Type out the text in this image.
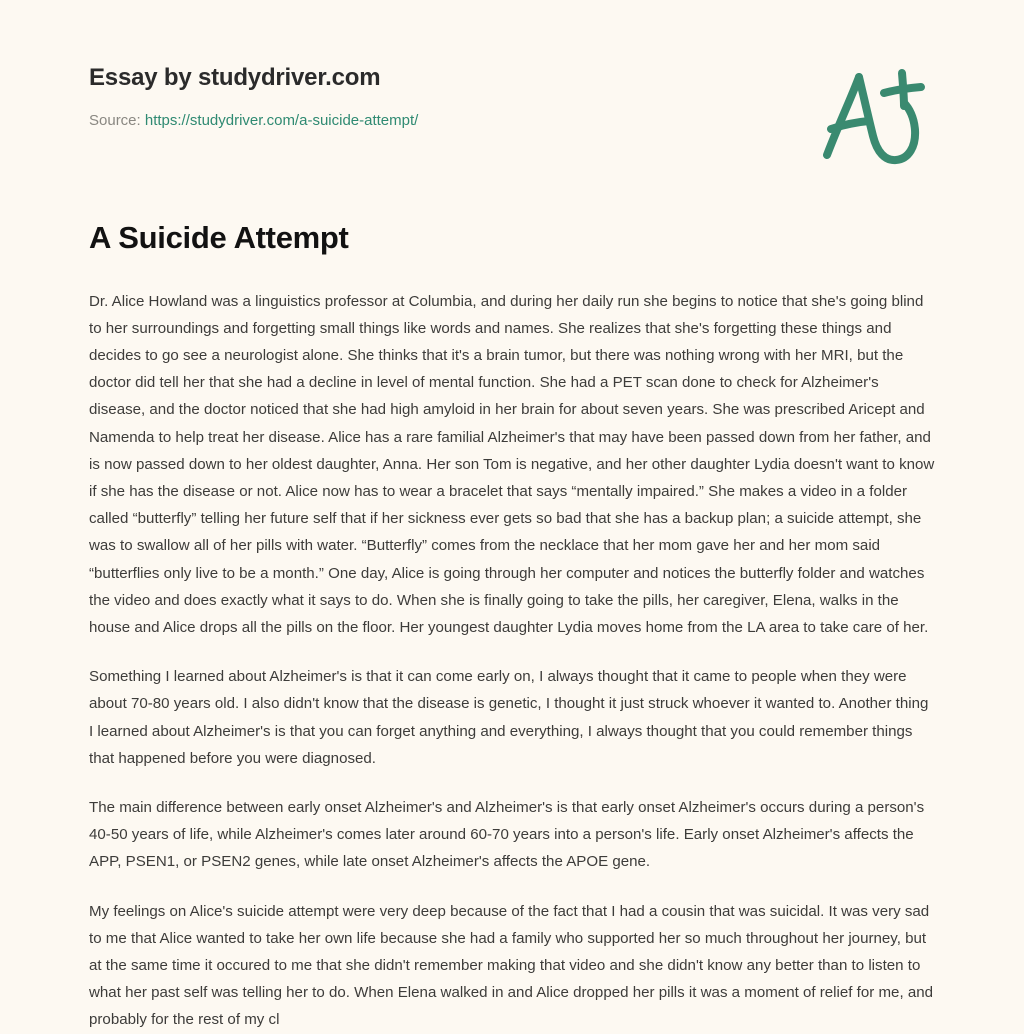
Essay by studydriver.com
Source: https://studydriver.com/a-suicide-attempt/
A Suicide Attempt

Dr. Alice Howland was a linguistics professor at Columbia, and during her daily run she begins to notice that she's going blind to her surroundings and forgetting small things like words and names. She realizes that she's forgetting these things and decides to go see a neurologist alone. She thinks that it's a brain tumor, but there was nothing wrong with her MRI, but the doctor did tell her that she had a decline in level of mental function. She had a PET scan done to check for Alzheimer's disease, and the doctor noticed that she had high amyloid in her brain for about seven years. She was prescribed Aricept and Namenda to help treat her disease. Alice has a rare familial Alzheimer's that may have been passed down from her father, and is now passed down to her oldest daughter, Anna. Her son Tom is negative, and her other daughter Lydia doesn't want to know if she has the disease or not. Alice now has to wear a bracelet that says “mentally impaired.” She makes a video in a folder called “butterfly” telling her future self that if her sickness ever gets so bad that she has a backup plan; a suicide attempt, she was to swallow all of her pills with water. “Butterfly” comes from the necklace that her mom gave her and her mom said “butterflies only live to be a month.” One day, Alice is going through her computer and notices the butterfly folder and watches the video and does exactly what it says to do. When she is finally going to take the pills, her caregiver, Elena, walks in the house and Alice drops all the pills on the floor. Her youngest daughter Lydia moves home from the LA area to take care of her.

Something I learned about Alzheimer's is that it can come early on, I always thought that it came to people when they were about 70-80 years old. I also didn't know that the disease is genetic, I thought it just struck whoever it wanted to. Another thing I learned about Alzheimer's is that you can forget anything and everything, I always thought that you could remember things that happened before you were diagnosed.

The main difference between early onset Alzheimer's and Alzheimer's is that early onset Alzheimer's occurs during a person's 40-50 years of life, while Alzheimer's comes later around 60-70 years into a person's life. Early onset Alzheimer's affects the APP, PSEN1, or PSEN2 genes, while late onset Alzheimer's affects the APOE gene.

My feelings on Alice's suicide attempt were very deep because of the fact that I had a cousin that was suicidal. It was very sad to me that Alice wanted to take her own life because she had a family who supported her so much throughout her journey, but at the same time it occured to me that she didn't remember making that video and she didn't know any better than to listen to what her past self was telling her to do. When Elena walked in and Alice dropped her pills it was a moment of relief for me, and probably for the rest of my cl
